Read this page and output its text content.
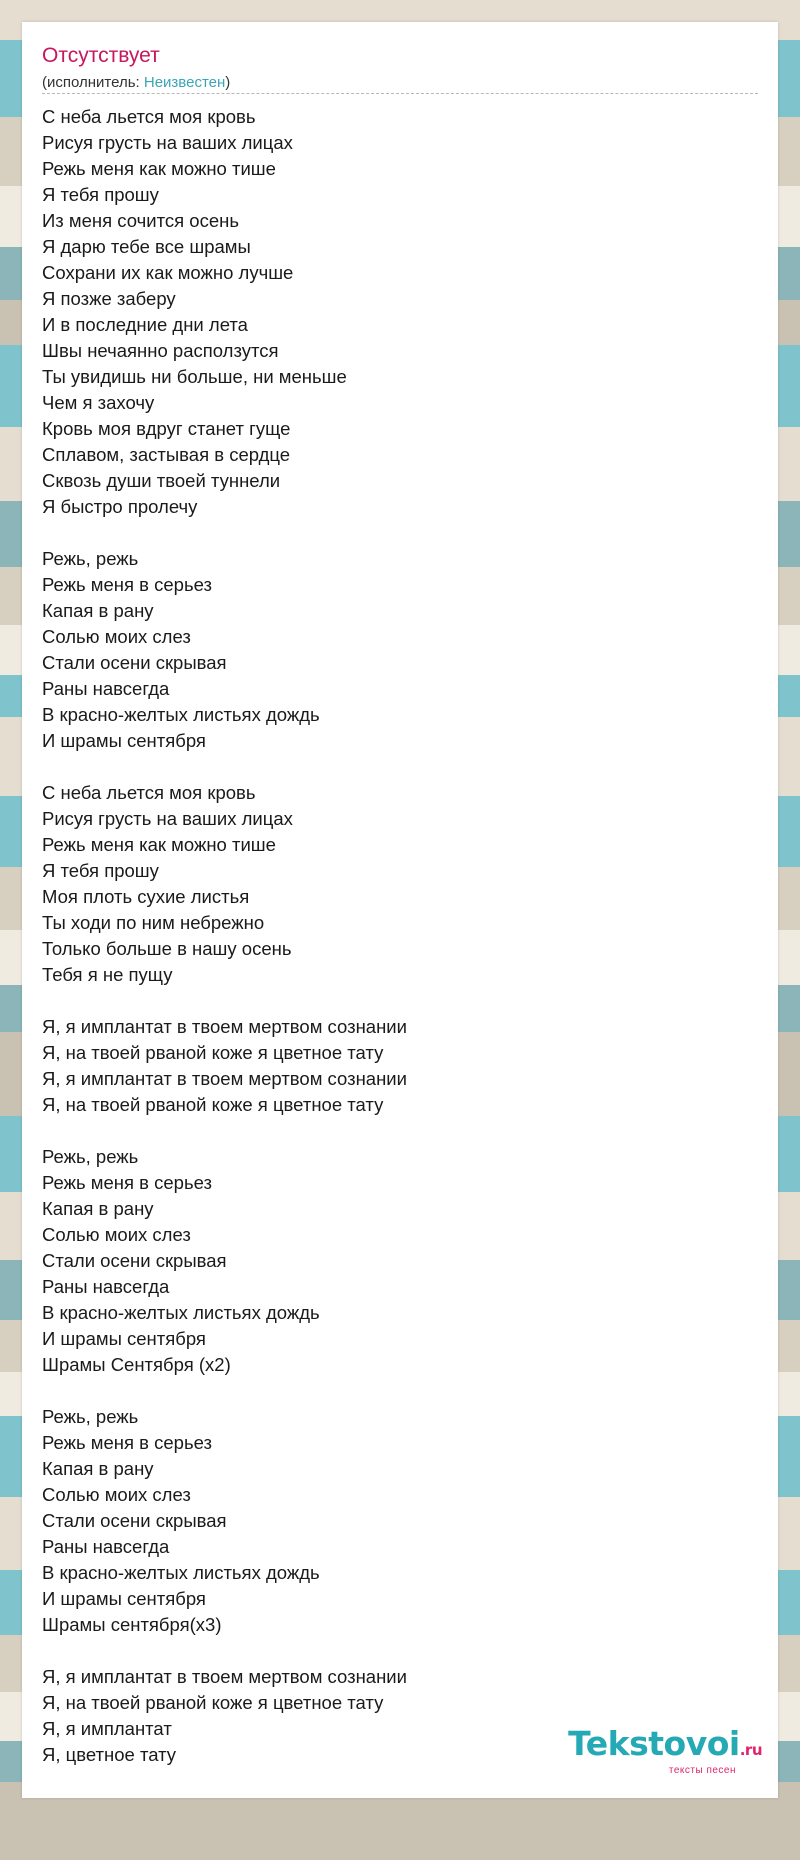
Отсутствует
(исполнитель: Неизвестен)
С неба льется моя кровь
Рисуя грусть на ваших лицах
Режь меня как можно тише
Я тебя прошу
Из меня сочится осень
Я дарю тебе все шрамы
Сохрани их как можно лучше
Я позже заберу
И в последние дни лета
Швы нечаянно расползутся
Ты увидишь ни больше, ни меньше
Чем я захочу
Кровь моя вдруг станет гуще
Сплавом, застывая в сердце
Сквозь души твоей туннели
Я быстро пролечу
Режь, режь
Режь меня в серьез
Капая в рану
Солью моих слез
Стали осени скрывая
Раны навсегда
В красно-желтых листьях дождь
И шрамы сентября
С неба льется моя кровь
Рисуя грусть на ваших лицах
Режь меня как можно тише
Я тебя прошу
Моя плоть сухие листья
Ты ходи по ним небрежно
Только больше в нашу осень
Тебя я не пущу
Я, я имплантат в твоем мертвом сознании
Я, на твоей рваной коже я цветное тату
Я, я имплантат в твоем мертвом сознании
Я, на твоей рваной коже я цветное тату
Режь, режь
Режь меня в серьез
Капая в рану
Солью моих слез
Стали осени скрывая
Раны навсегда
В красно-желтых листьях дождь
И шрамы сентября
Шрамы Сентября (x2)
Режь, режь
Режь меня в серьез
Капая в рану
Солью моих слез
Стали осени скрывая
Раны навсегда
В красно-желтых листьях дождь
И шрамы сентября
Шрамы сентября(x3)
Я, я имплантат в твоем мертвом сознании
Я, на твоей рваной коже я цветное тату
Я, я имплантат
Я, цветное тату	Tekstovoi.ru
тексты песен
